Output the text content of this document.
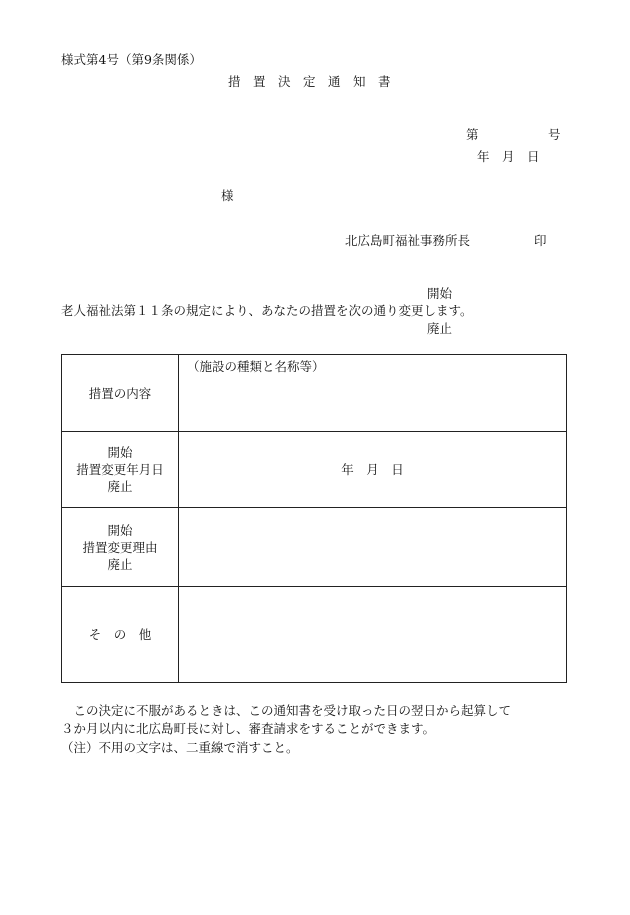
様式第4号（第9条関係）
措　置　決　定　通　知　書
第	号
年　月　日
様
北広島町福祉事務所長	印
開始
老人福祉法第１１条の規定により、あなたの措置を次の通り変更します。
廃止
措置の内容	（施設の種類と名称等）

開始
措置変更年月日
廃止	年　月　日

開始
措置変更理由
廃止	

そ　の　他	
　この決定に不服があるときは、この通知書を受け取った日の翌日から起算して
３か月以内に北広島町長に対し、審査請求をすることができます。
（注）不用の文字は、二重線で消すこと。
